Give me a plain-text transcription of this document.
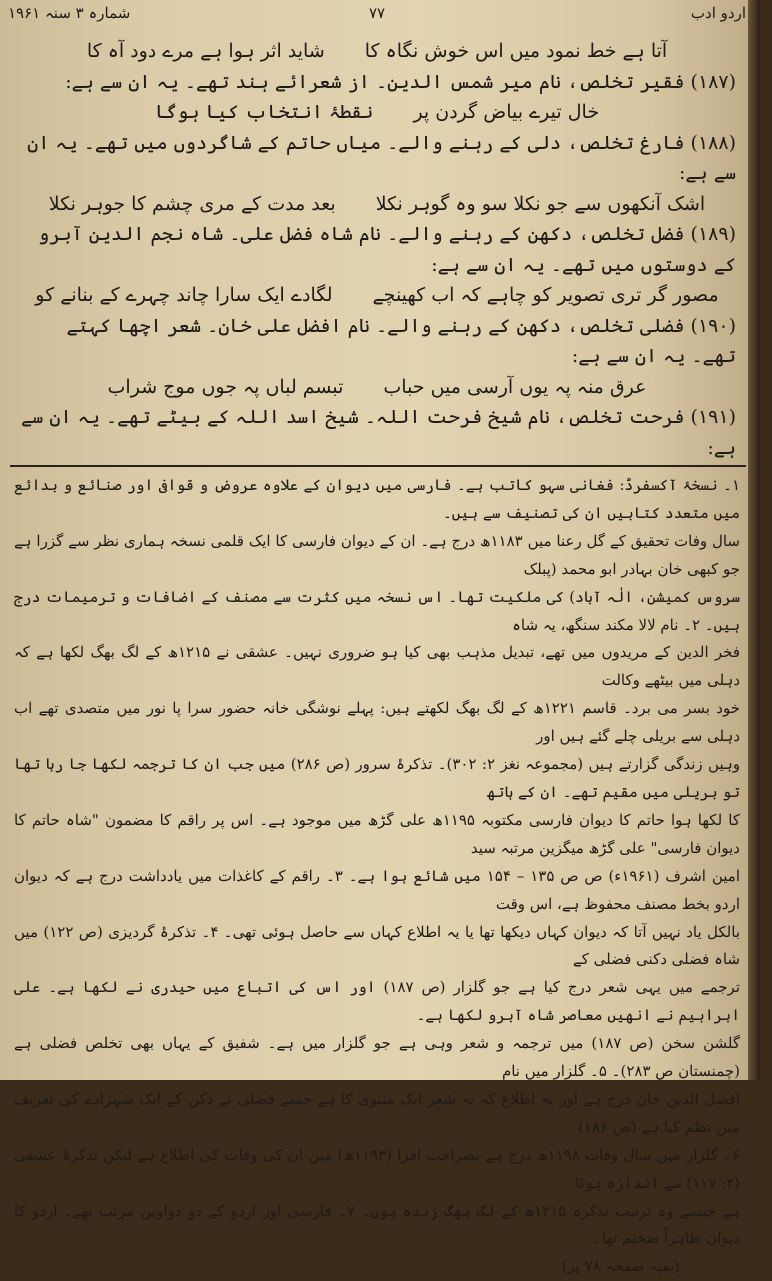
اردو ادب
۷۷
شمارہ ۳ سنہ ۱۹۶۱

آتا ہے خط نمود میں اس خوش نگاہ کا
شاید اثر ہوا ہے مرے دود آہ کا

(۱۸۷) فقیر تخلص، نام میر شمس الدین۔ از شعرائے ہند تھے۔ یہ ان سے ہے:

خال تیرے بیاض گردن پر
نقطۂ انتخاب کیا ہوگا

(۱۸۸) فارغ تخلص، دلی کے رہنے والے۔ میاں حاتم کے شاگردوں میں تھے۔ یہ ان سے ہے:

اشک آنکھوں سے جو نکلا سو وہ گوہر نکلا
بعد مدت کے مری چشم کا جوہر نکلا

(۱۸۹) فضل تخلص، دکھن کے رہنے والے۔ نام شاہ فضل علی۔ شاہ نجم الدین آبرو کے دوستوں میں تھے۔ یہ ان سے ہے:

مصور گر تری تصویر کو چاہے کہ اب کھینچے
لگادے ایک سارا چاند چہرے کے بنانے کو

(۱۹۰) فضلی تخلص، دکھن کے رہنے والے۔ نام افضل علی خان۔ شعر اچھا کہتے تھے۔ یہ ان سے ہے:

عرق منہ پہ یوں آرسی میں حباب
تبسم لباں پہ جوں موج شراب

(۱۹۱) فرحت تخلص، نام شیخ فرحت اللہ۔ شیخ اسد اللہ کے بیٹے تھے۔ یہ ان سے ہے:

۱۔ نسخۂ آکسفرڈ: فغانی سہو کاتب ہے۔ فارسی میں دیوان کے علاوہ عروض و قوافی اور صنائع و بدائع میں متعدد کتابیں ان کی تصنیف سے ہیں۔

سال وفات تحقیق کے گل رعنا میں ۱۱۸۳ھ درج ہے۔ ان کے دیوان فارسی کا ایک قلمی نسخہ ہماری نظر سے گزرا ہے جو کبھی خان بہادر ابو محمد (پبلک

سروس کمیشن، الٰہ آباد) کی ملکیت تھا۔ اس نسخہ میں کثرت سے مصنف کے اضافات و ترمیمات درج ہیں۔ ۲۔ نام لالا مکند سنگھ، یہ شاہ

فخر الدین کے مریدوں میں تھے، تبدیل مذہب بھی کیا ہو ضروری نہیں۔ عشقی نے ۱۲۱۵ھ کے لگ بھگ لکھا ہے کہ دہلی میں بیٹھے وکالت

خود بسر می برد۔ قاسم ۱۲۲۱ھ کے لگ بھگ لکھتے ہیں: پہلے نوشگی خانہ حضور سرا پا نور میں متصدی تھے اب دہلی سے بریلی چلے گئے ہیں اور

وہیں زندگی گزارتے ہیں (مجموعہ نغز ۲: ۳۰۲)۔ تذکرۂ سرور (ص ۲۸۶) میں جب ان کا ترجمہ لکھا جا رہا تھا تو بریلی میں مقیم تھے۔ ان کے ہاتھ

کا لکھا ہوا حاتم کا دیوان فارسی مکتوبہ ۱۱۹۵ھ علی گڑھ میں موجود ہے۔ اس پر راقم کا مضمون "شاہ حاتم کا دیوان فارسی" علی گڑھ میگزین مرتبہ سید

امین اشرف (۱۹۶۱ء) ص ص ۱۳۵ – ۱۵۴ میں شائع ہوا ہے۔ ۳۔ راقم کے کاغذات میں یادداشت درج ہے کہ دیوان اردو بخط مصنف محفوظ ہے، اس وقت

بالکل یاد نہیں آتا کہ دیوان کہاں دیکھا تھا یا یہ اطلاع کہاں سے حاصل ہوئی تھی۔ ۴۔ تذکرۂ گردیزی (ص ۱۲۲) میں شاہ فضلی دکنی فضلی کے

ترجمے میں یہی شعر درج کیا ہے جو گلزار (ص ۱۸۷) اور اس کی اتباع میں حیدری نے لکھا ہے۔ علی ابراہیم نے انھیں معاصر شاہ آبرو لکھا ہے۔

گلشن سخن (ص ۱۸۷) میں ترجمہ و شعر وہی ہے جو گلزار میں ہے۔ شفیق کے یہاں بھی تخلص فضلی ہے (چمنستان ص ۲۸۳)۔ ۵۔ گلزار میں نام

افضل الدین خان درج ہے اور یہ اطلاع کہ یہ شعر ایک مثنوی کا ہے جسے فضلی نے دکن کے ایک شہزادے کی تعریف میں نظم کیا ہے (ص ۱۸۶)

۶۔ گلزار میں سال وفات ۱۱۹۸ھ درج ہے بصراحت افزا (۱۱۹۳ھ) میں ان کی وفات کی اطلاع ہے لیکن تذکرۂ عشقی (۲: ۱۱۷) سے اندازہ ہوتا

ہے جیسے وہ ترتیب تذکرہ ۱۲۱۵ھ کے لگ بھگ زندہ ہوں۔ ۷۔ فارسی اور اردو کے دو دواوین مرتب تھے۔ اردو کا دیوان ظاہراً ضخیم تھا۔

(بقیہ صفحہ ۷۸ پر)
